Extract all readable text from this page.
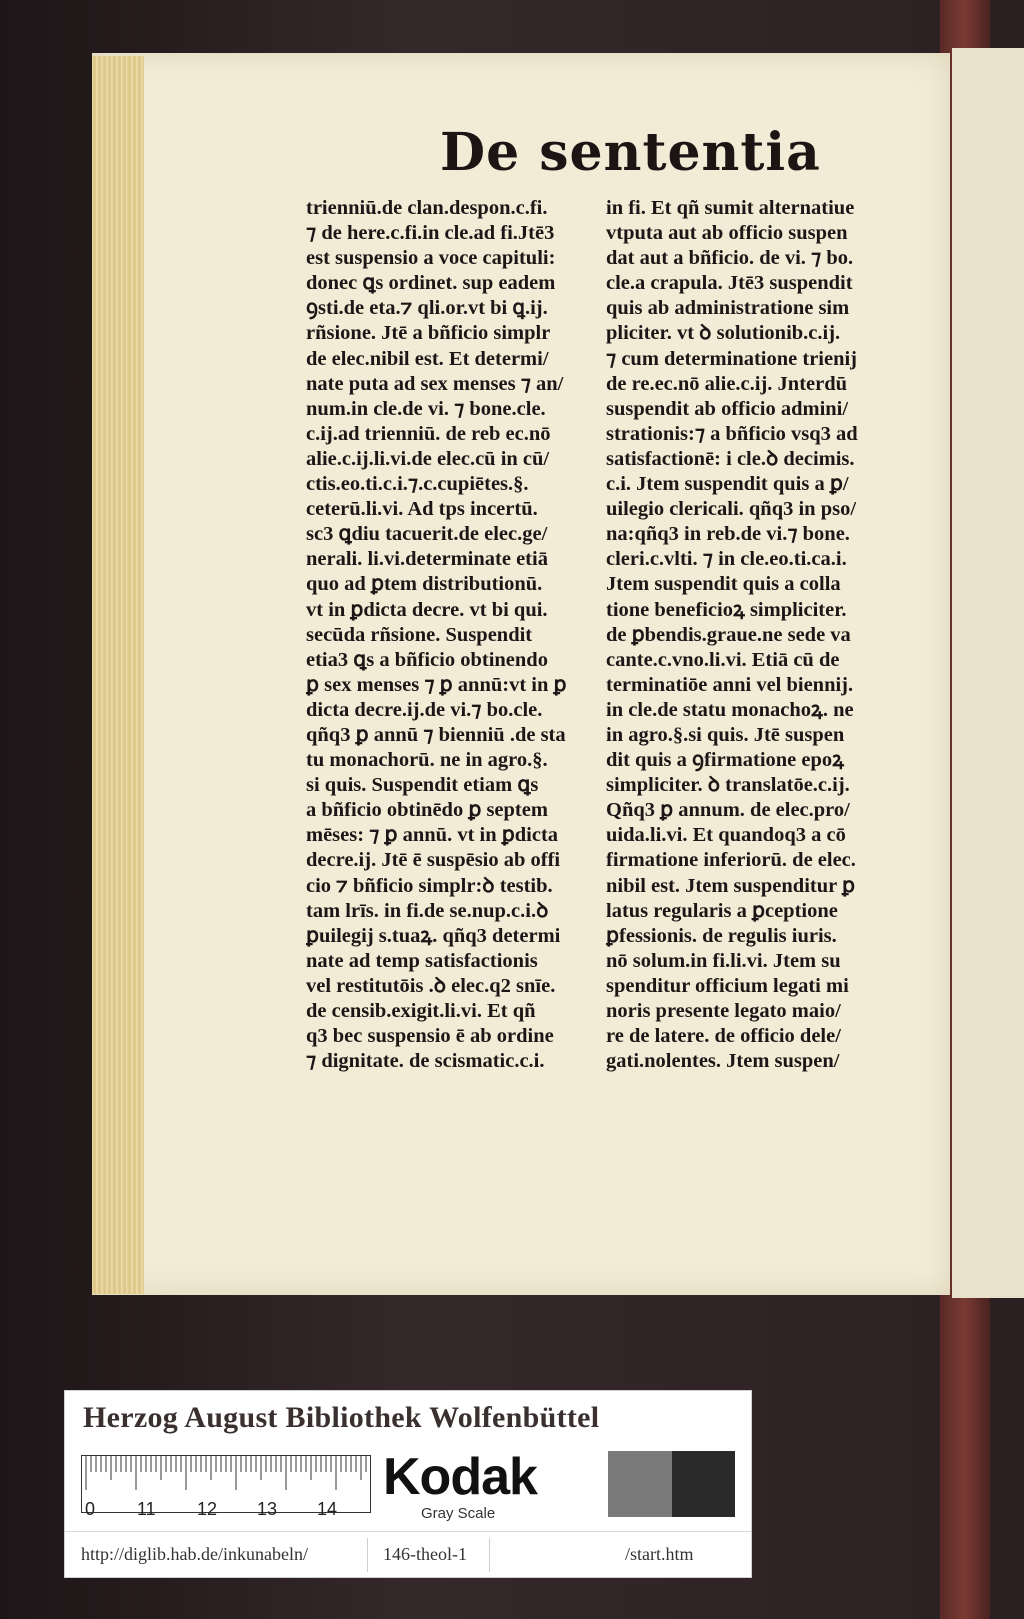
De sententia
trienniū.de clan.despon.c.fi.
⁊ de here.c.fi.in cle.ad fi.Jtē3
est suspensio a voce capituli:
donec ꝗs ordinet. sup eadem
ꝯsti.de eta.⁊ qli.or.vt bi ꝗ.ij.
rñsione. Jtē a bñficio simplr
de elec.nibil est. Et determi/
nate puta ad sex menses ⁊ an/
num.in cle.de vi. ⁊ bone.cle.
c.ij.ad trienniū. de reb ec.nō
alie.c.ij.li.vi.de elec.cū in cū/
ctis.eo.ti.c.i.⁊.c.cupiētes.§.
ceterū.li.vi. Ad tps incertū.
sc3 ꝗdiu tacuerit.de elec.ge/
nerali. li.vi.determinate etiā
quo ad ꝑtem distributionū.
vt in ꝑdicta decre. vt bi qui.
secūda rñsione. Suspendit
etia3 ꝗs a bñficio obtinendo
ꝑ sex menses ⁊ ꝑ annū:vt in ꝑ
dicta decre.ij.de vi.⁊ bo.cle.
qñq3 ꝑ annū ⁊ bienniū .de sta
tu monachorū. ne in agro.§.
si quis. Suspendit etiam ꝗs
a bñficio obtinēdo ꝑ septem
mēses: ⁊ ꝑ annū. vt in ꝑdicta
decre.ij. Jtē ē suspēsio ab offi
cio ⁊ bñficio simplr:ꝺ testib.
tam lrīs. in fi.de se.nup.c.i.ꝺ
ꝑuilegij s.tuaꝝ. qñq3 determi
nate ad temp satisfactionis
vel restitutōis .ꝺ elec.q2 snīe.
de censib.exigit.li.vi. Et qñ
q3 bec suspensio ē ab ordine
⁊ dignitate. de scismatic.c.i.
in fi. Et qñ sumit alternatiue
vtputa aut ab officio suspen
dat aut a bñficio. de vi. ⁊ bo.
cle.a crapula. Jtē3 suspendit
quis ab administratione sim
pliciter. vt ꝺ solutionib.c.ij.
⁊ cum determinatione trienij
de re.ec.nō alie.c.ij. Jnterdū
suspendit ab officio admini/
strationis:⁊ a bñficio vsq3 ad
satisfactionē: i cle.ꝺ decimis.
c.i. Jtem suspendit quis a ꝑ/
uilegio clericali. qñq3 in pso/
na:qñq3 in reb.de vi.⁊ bone.
cleri.c.vlti. ⁊ in cle.eo.ti.ca.i.
Jtem suspendit quis a colla
tione beneficioꝝ simpliciter.
de ꝑbendis.graue.ne sede va
cante.c.vno.li.vi. Etiā cū de
terminatiōe anni vel biennij.
in cle.de statu monachoꝝ. ne
in agro.§.si quis. Jtē suspen
dit quis a ꝯfirmatione epoꝝ
simpliciter. ꝺ translatōe.c.ij.
Qñq3 ꝑ annum. de elec.pro/
uida.li.vi. Et quandoq3 a cō
firmatione inferiorū. de elec.
nibil est. Jtem suspenditur ꝑ
latus regularis a ꝑceptione
ꝑfessionis. de regulis iuris.
nō solum.in fi.li.vi. Jtem su
spenditur officium legati mi
noris presente legato maio/
re de latere. de officio dele/
gati.nolentes. Jtem suspen/
Herzog August Bibliothek Wolfenbüttel
0 11 12 13 14
Kodak
Gray Scale
http://diglib.hab.de/inkunabeln/	146-theol-1	/start.htm
